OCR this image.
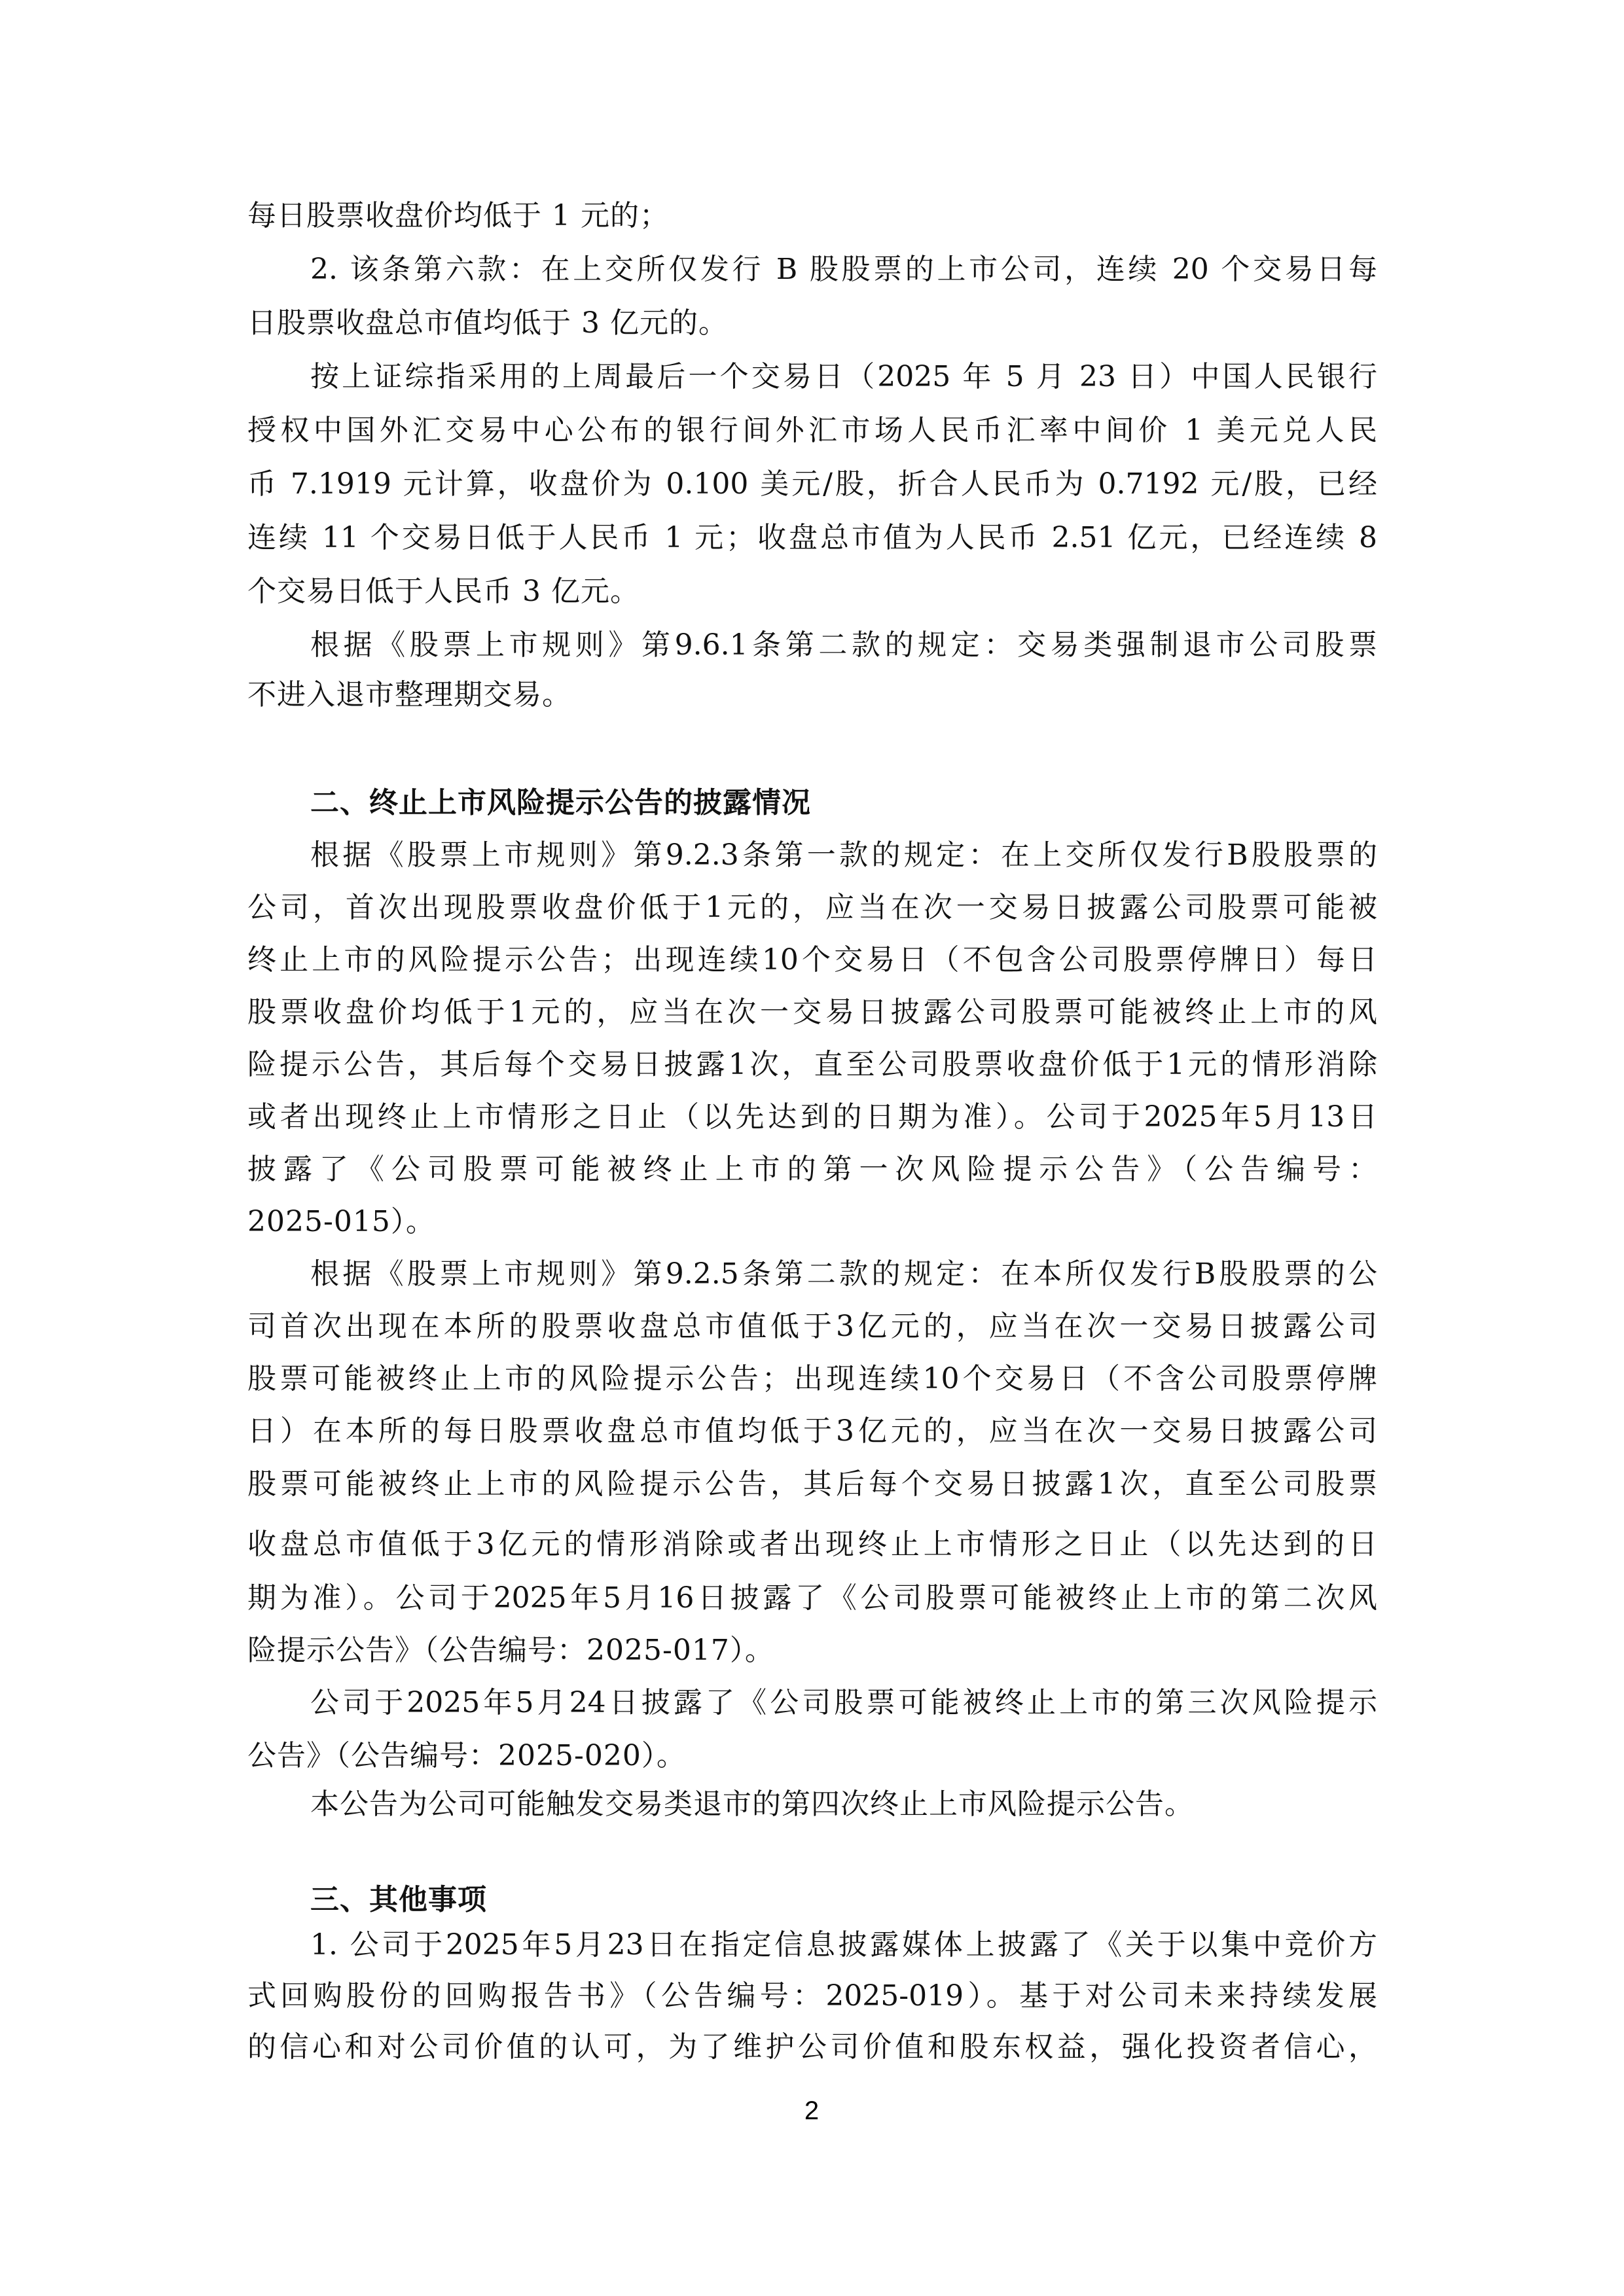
每日股票收盘价均低于 1 元的；
2. 该条第六款：在上交所仅发行 B 股股票的上市公司，连续 20 个交易日每
日股票收盘总市值均低于 3 亿元的。
按上证综指采用的上周最后一个交易日（2025 年 5 月 23 日）中国人民银行
授权中国外汇交易中心公布的银行间外汇市场人民币汇率中间价 1 美元兑人民
币 7.1919 元计算，收盘价为 0.100 美元/股，折合人民币为 0.7192 元/股，已经
连续 11 个交易日低于人民币 1 元；收盘总市值为人民币 2.51 亿元，已经连续 8
个交易日低于人民币 3 亿元。
根据《股票上市规则》第9.6.1条第二款的规定：交易类强制退市公司股票
不进入退市整理期交易。
二、终止上市风险提示公告的披露情况
根据《股票上市规则》第9.2.3条第一款的规定：在上交所仅发行B股股票的
公司，首次出现股票收盘价低于1元的，应当在次一交易日披露公司股票可能被
终止上市的风险提示公告；出现连续10个交易日（不包含公司股票停牌日）每日
股票收盘价均低于1元的，应当在次一交易日披露公司股票可能被终止上市的风
险提示公告，其后每个交易日披露1次，直至公司股票收盘价低于1元的情形消除
或者出现终止上市情形之日止（以先达到的日期为准）。公司于2025年5月13日
披露了《公司股票可能被终止上市的第一次风险提示公告》（公告编号：
2025-015）。
根据《股票上市规则》第9.2.5条第二款的规定：在本所仅发行B股股票的公
司首次出现在本所的股票收盘总市值低于3亿元的，应当在次一交易日披露公司
股票可能被终止上市的风险提示公告；出现连续10个交易日（不含公司股票停牌
日）在本所的每日股票收盘总市值均低于3亿元的，应当在次一交易日披露公司
股票可能被终止上市的风险提示公告，其后每个交易日披露1次，直至公司股票
收盘总市值低于3亿元的情形消除或者出现终止上市情形之日止（以先达到的日
期为准）。公司于2025年5月16日披露了《公司股票可能被终止上市的第二次风
险提示公告》（公告编号：2025-017）。
公司于2025年5月24日披露了《公司股票可能被终止上市的第三次风险提示
公告》（公告编号：2025-020）。
本公告为公司可能触发交易类退市的第四次终止上市风险提示公告。
三、其他事项
1. 公司于2025年5月23日在指定信息披露媒体上披露了《关于以集中竞价方
式回购股份的回购报告书》（公告编号：2025-019）。基于对公司未来持续发展
的信心和对公司价值的认可，为了维护公司价值和股东权益，强化投资者信心，
2
